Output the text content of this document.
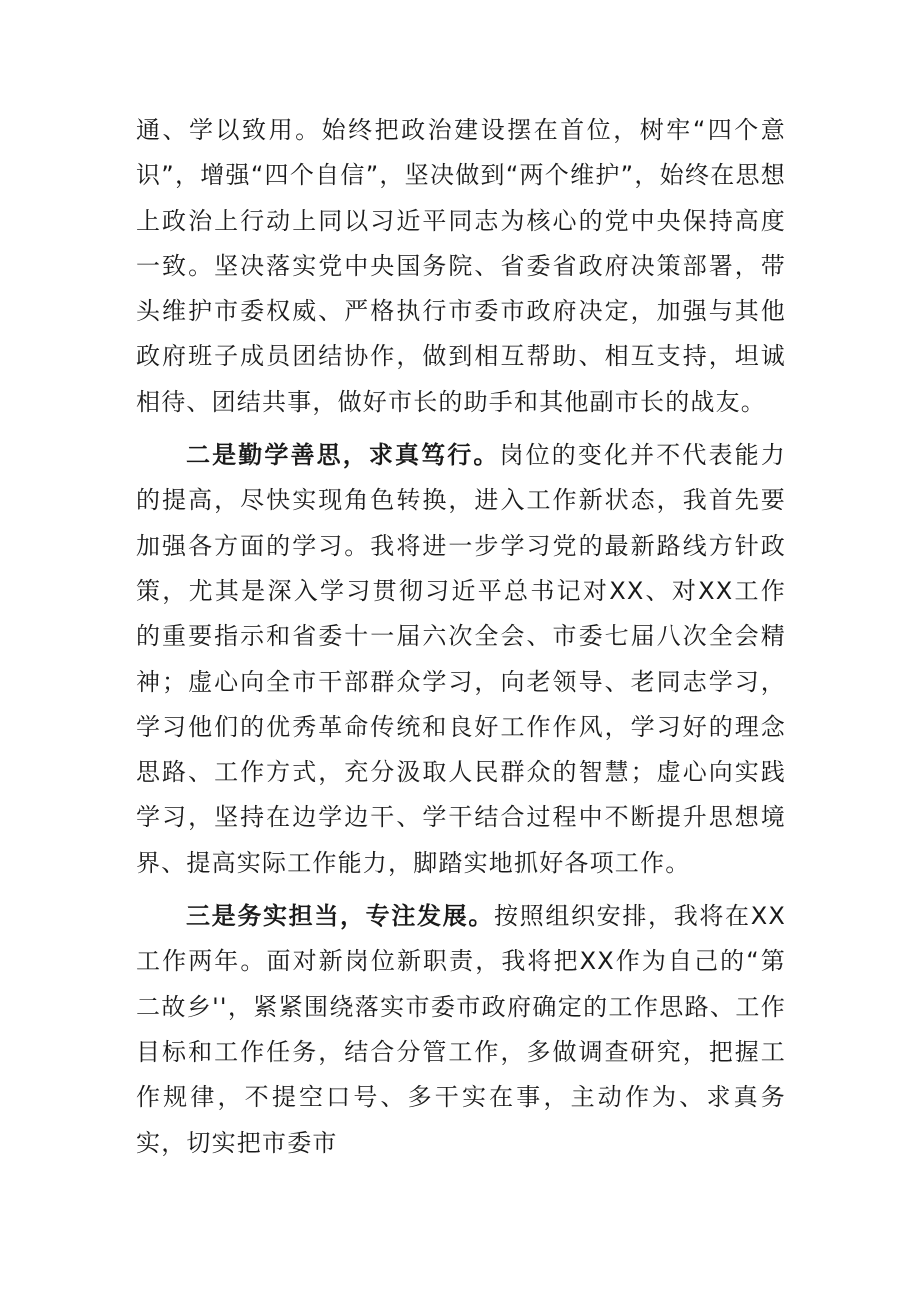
通、学以致用。始终把政治建设摆在首位，树牢“四个意识”，增强“四个自信”，坚决做到“两个维护”，始终在思想上政治上行动上同以习近平同志为核心的党中央保持高度一致。坚决落实党中央国务院、省委省政府决策部署，带头维护市委权威、严格执行市委市政府决定，加强与其他政府班子成员团结协作，做到相互帮助、相互支持，坦诚相待、团结共事，做好市长的助手和其他副市长的战友。

二是勤学善思，求真笃行。岗位的变化并不代表能力的提高，尽快实现角色转换，进入工作新状态，我首先要加强各方面的学习。我将进一步学习党的最新路线方针政策，尤其是深入学习贯彻习近平总书记对XX、对XX工作的重要指示和省委十一届六次全会、市委七届八次全会精神；虚心向全市干部群众学习，向老领导、老同志学习，学习他们的优秀革命传统和良好工作作风，学习好的理念思路、工作方式，充分汲取人民群众的智慧；虚心向实践学习，坚持在边学边干、学干结合过程中不断提升思想境界、提高实际工作能力，脚踏实地抓好各项工作。

三是务实担当，专注发展。按照组织安排，我将在XX工作两年。面对新岗位新职责，我将把XX作为自己的“第二故乡''，紧紧围绕落实市委市政府确定的工作思路、工作目标和工作任务，结合分管工作，多做调查研究，把握工作规律，不提空口号、多干实在事，主动作为、求真务实，切实把市委市
